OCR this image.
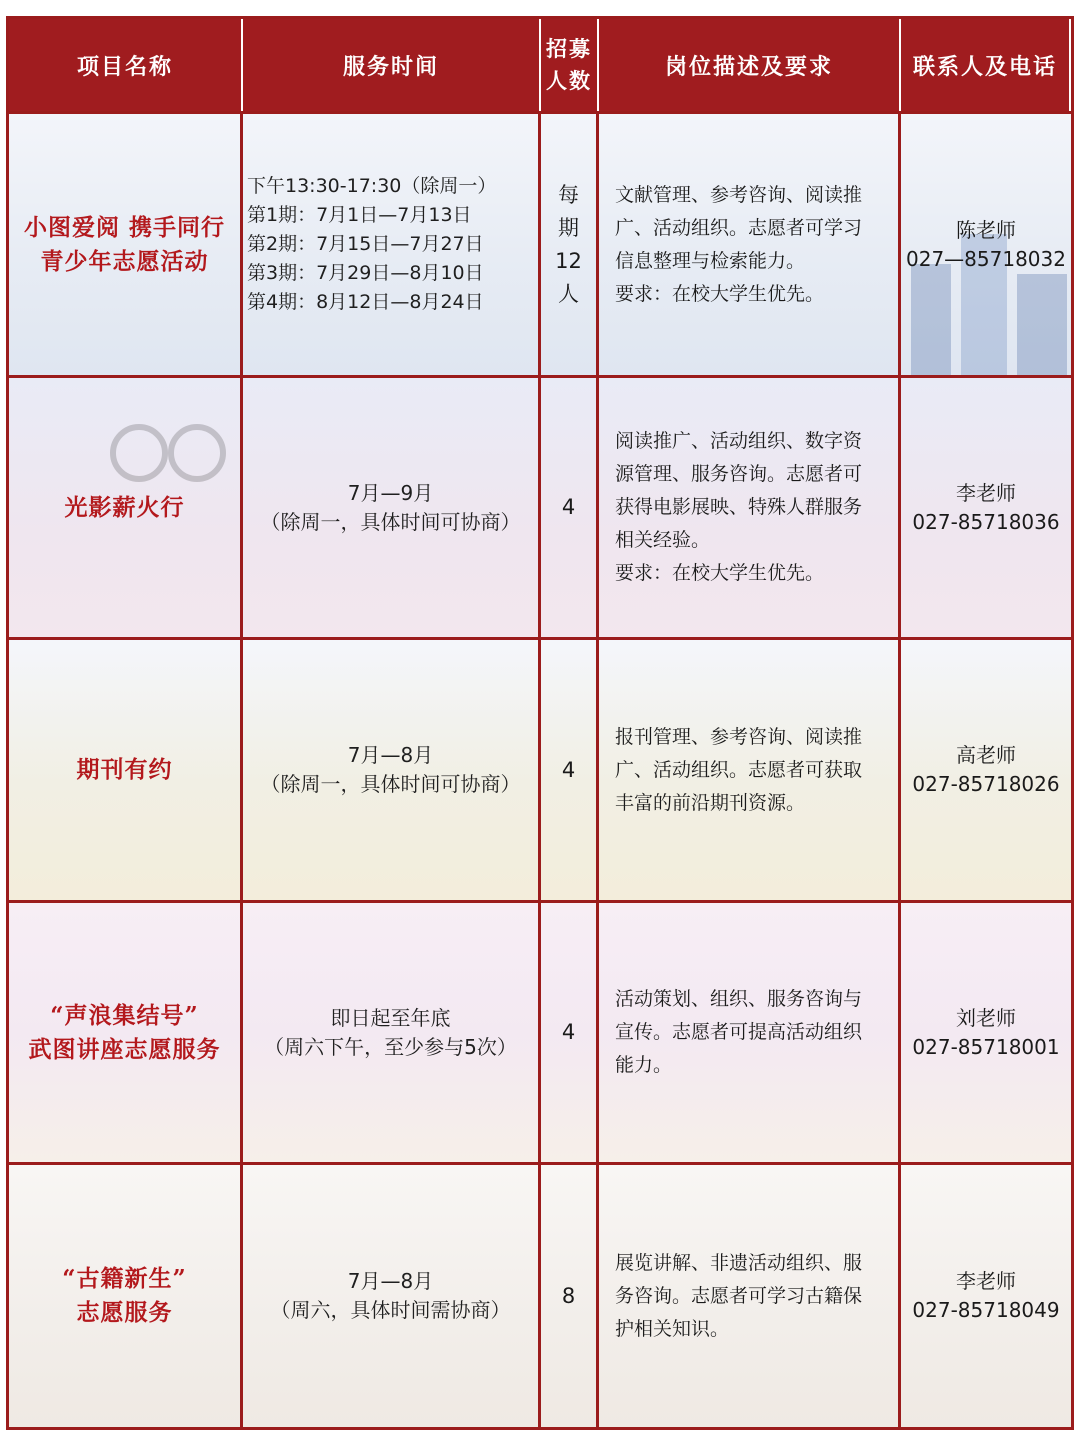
项目名称	服务时间
招募
人数
岗位描述及要求	联系人及电话
小图爱阅 携手同行
青少年志愿活动
下午13:30-17:30（除周一）
第1期：7月1日—7月13日
第2期：7月15日—7月27日
第3期：7月29日—8月10日
第4期：8月12日—8月24日
每
期
12
人
文献管理、参考咨询、阅读推
广、活动组织。志愿者可学习
信息整理与检索能力。
要求：在校大学生优先。
陈老师
027—85718032
光影薪火行
7月—9月
（除周一，具体时间可协商）
4
阅读推广、活动组织、数字资
源管理、服务咨询。志愿者可
获得电影展映、特殊人群服务
相关经验。
要求：在校大学生优先。
李老师
027-85718036
期刊有约
7月—8月
（除周一，具体时间可协商）
4
报刊管理、参考咨询、阅读推
广、活动组织。志愿者可获取
丰富的前沿期刊资源。
高老师
027-85718026
“声浪集结号”
武图讲座志愿服务
即日起至年底
（周六下午，至少参与5次）
4
活动策划、组织、服务咨询与
宣传。志愿者可提高活动组织
能力。
刘老师
027-85718001
“古籍新生”
志愿服务
7月—8月
（周六，具体时间需协商）
8
展览讲解、非遗活动组织、服
务咨询。志愿者可学习古籍保
护相关知识。
李老师
027-85718049
